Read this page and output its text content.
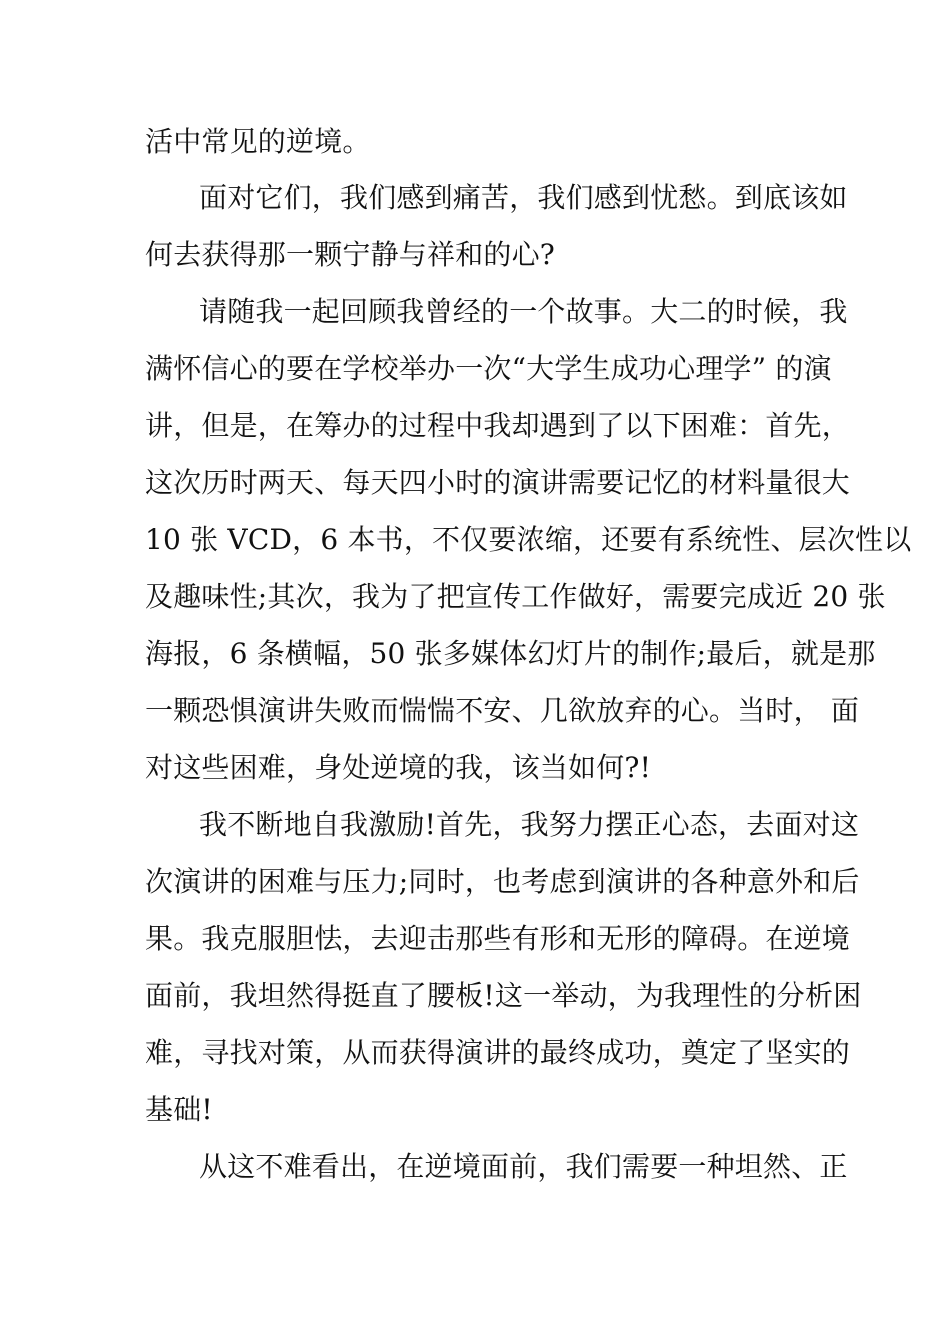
活中常见的逆境。
面对它们，我们感到痛苦，我们感到忧愁。到底该如
何去获得那一颗宁静与祥和的心?
请随我一起回顾我曾经的一个故事。大二的时候，我
满怀信心的要在学校举办一次“大学生成功心理学” 的演
讲，但是，在筹办的过程中我却遇到了以下困难：首先，
这次历时两天、每天四小时的演讲需要记忆的材料量很大
10 张 VCD，6 本书，不仅要浓缩，还要有系统性、层次性以
及趣味性;其次，我为了把宣传工作做好，需要完成近 20 张
海报，6 条横幅，50 张多媒体幻灯片的制作;最后，就是那
一颗恐惧演讲失败而惴惴不安、几欲放弃的心。当时， 面
对这些困难，身处逆境的我，该当如何?!
我不断地自我激励!首先，我努力摆正心态，去面对这
次演讲的困难与压力;同时，也考虑到演讲的各种意外和后
果。我克服胆怯，去迎击那些有形和无形的障碍。在逆境
面前，我坦然得挺直了腰板!这一举动，为我理性的分析困
难，寻找对策，从而获得演讲的最终成功，奠定了坚实的
基础!
从这不难看出，在逆境面前，我们需要一种坦然、正
